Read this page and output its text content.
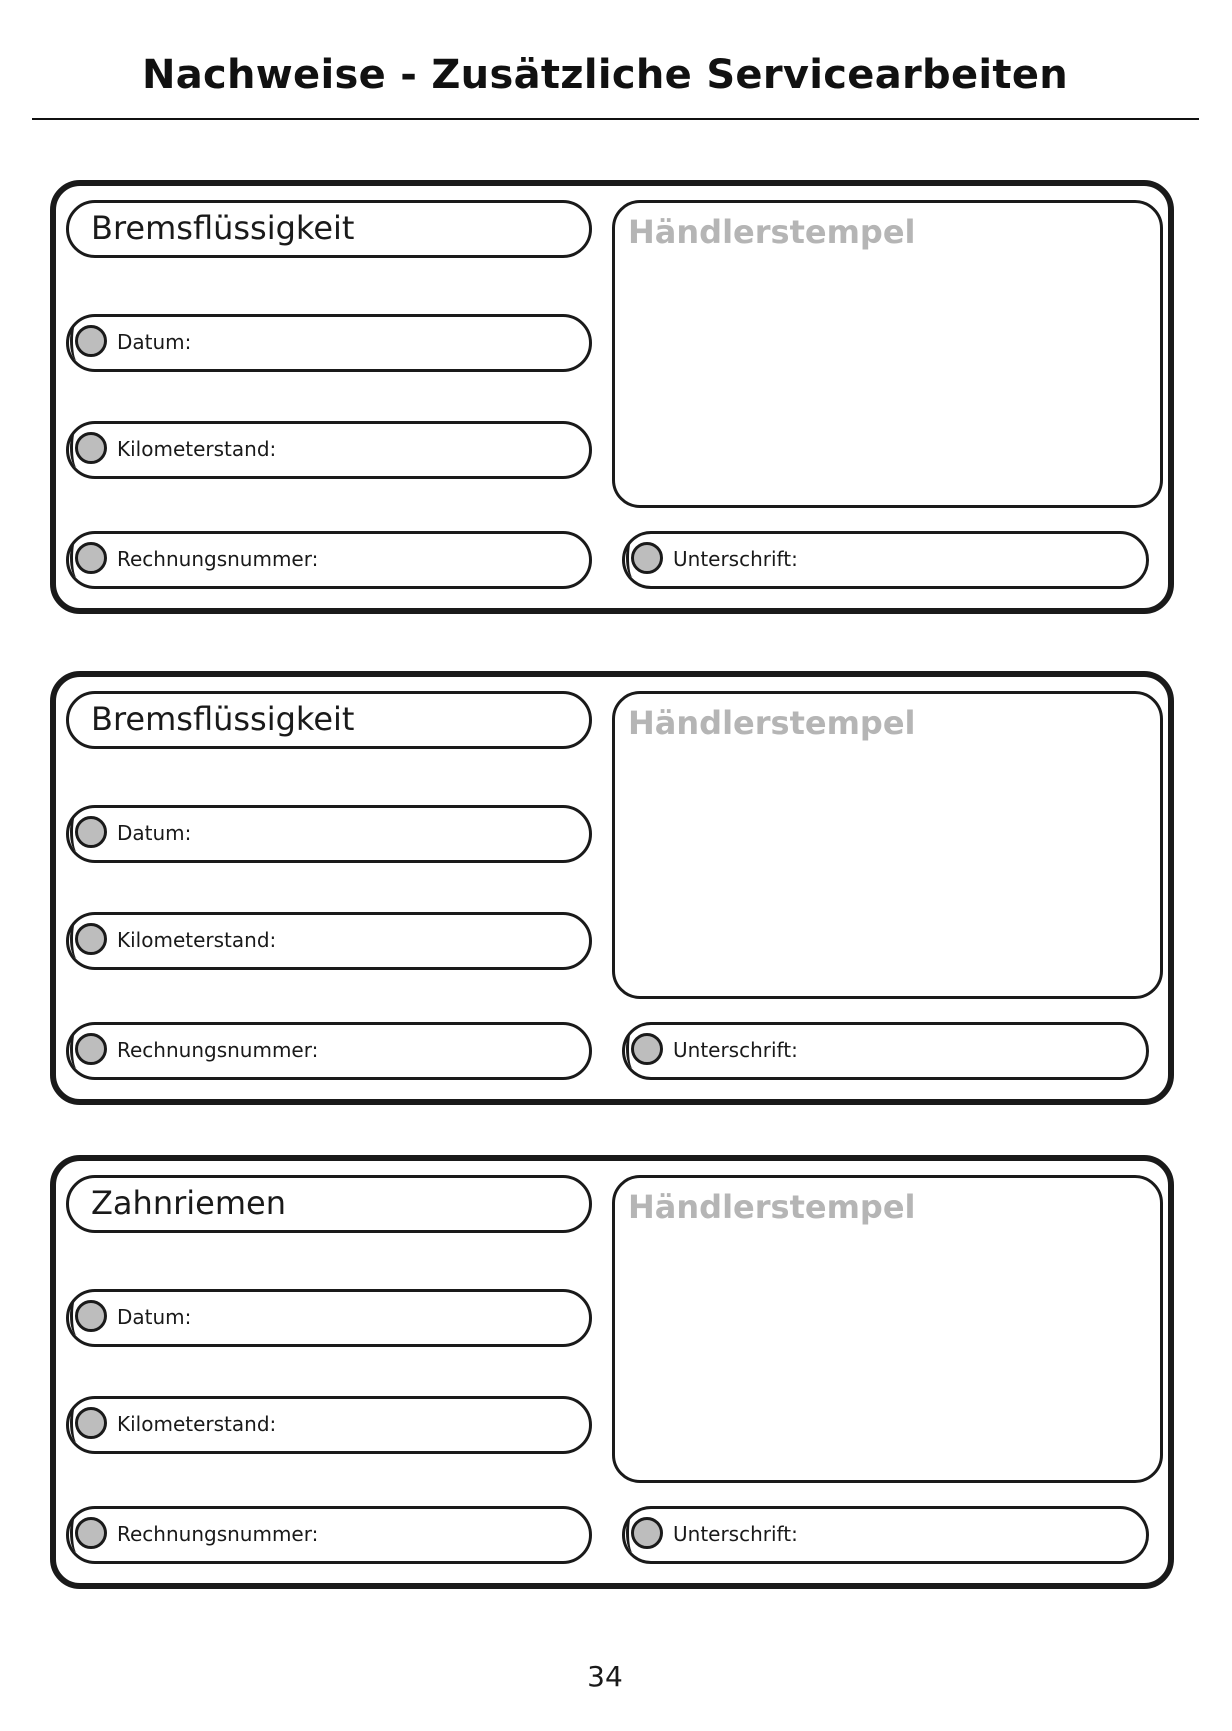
Nachweise - Zusätzliche Servicearbeiten
Bremsflüssigkeit
Datum:
Kilometerstand:
Rechnungsnummer:
Händlerstempel
Unterschrift:
Bremsflüssigkeit
Datum:
Kilometerstand:
Rechnungsnummer:
Händlerstempel
Unterschrift:
Zahnriemen
Datum:
Kilometerstand:
Rechnungsnummer:
Händlerstempel
Unterschrift:
34
